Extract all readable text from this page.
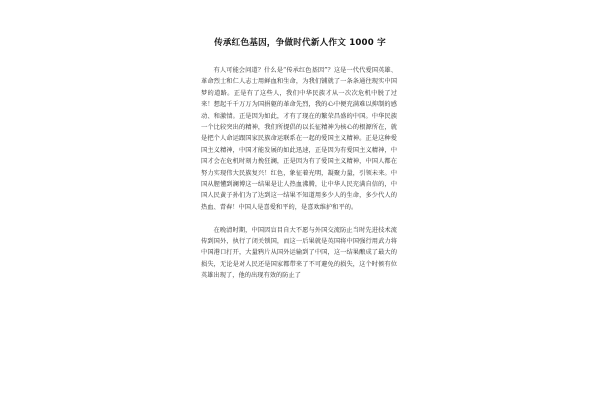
传承红色基因，争做时代新人作文 1000 字

有人可能会问道？什么是“传承红色基因”？这是一代代爱国英雄、革命烈士和仁人志士用鲜血和生命，为我们铺就了一条条通往现实中国梦的道路。正是有了这些人，我们中华民族才从一次次危机中脱了过来！想起千千万万为国捐躯的革命先烈，我的心中便充满难以抑制的感动、和激情。正是因为如此，才有了现在的繁荣昌盛的中国。中华民族一个比较突出的精神，我们所提倡的以长征精神为核心的根源所在，就是把个人命运跟国家民族命运联系在一起的爱国主义精神。正是这种爱国主义精神，中国才能发展的如此迅速，正是因为有爱国主义精神，中国才会在危机时刻力挽狂澜，正是因为有了爱国主义精神，中国人都在努力实现伟大民族复兴！红色，象征着光明，凝聚力量，引领未来。中国从腥懂到澜博这一结果是让人热血沸腾，让中华人民充满自信的，中国人民黄子孙们为了达到这一结果不知道用多少人的生命，多少代人的热血、青春！中国人是喜爱和平的，是喜欢维护和平的。

在晚清时期，中国因盲目自大不愿与外国交流防止当时先进技术流传到国外，执行了闭关锁国，而这一后果就是英国将中国强行用武力将中国港口打开，大量鸦片从国外运输到了中国，这一结果酿成了最大的损失，无论是对人民还是国家都带来了不可避免的损失，这个时候有位英雄出现了，他的出现有效的防止了
